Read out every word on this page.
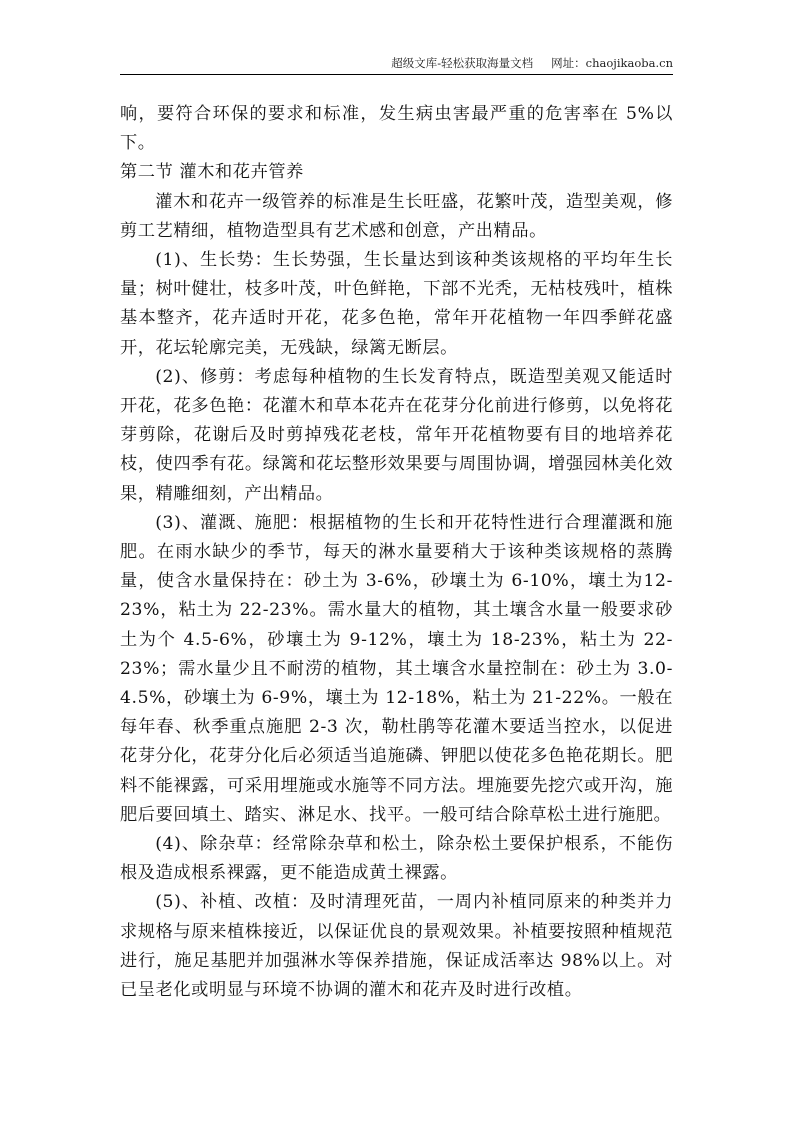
超级文库-轻松获取海量文档 网址：chaojikaoba.cn

响，要符合环保的要求和标准，发生病虫害最严重的危害率在 5%以下。

第二节 灌木和花卉管养

灌木和花卉一级管养的标准是生长旺盛，花繁叶茂，造型美观，修剪工艺精细，植物造型具有艺术感和创意，产出精品。

(1)、生长势：生长势强，生长量达到该种类该规格的平均年生长量；树叶健壮，枝多叶茂，叶色鲜艳，下部不光秃，无枯枝残叶，植株基本整齐，花卉适时开花，花多色艳，常年开花植物一年四季鲜花盛开，花坛轮廓完美，无残缺，绿篱无断层。

(2)、修剪：考虑每种植物的生长发育特点，既造型美观又能适时开花，花多色艳：花灌木和草本花卉在花芽分化前进行修剪，以免将花芽剪除，花谢后及时剪掉残花老枝，常年开花植物要有目的地培养花枝，使四季有花。绿篱和花坛整形效果要与周围协调，增强园林美化效果，精雕细刻，产出精品。

(3)、灌溉、施肥：根据植物的生长和开花特性进行合理灌溉和施肥。在雨水缺少的季节，每天的淋水量要稍大于该种类该规格的蒸腾量，使含水量保持在：砂土为 3-6%，砂壤土为 6-10%，壤土为12-23%，粘土为 22-23%。需水量大的植物，其土壤含水量一般要求砂土为个 4.5-6%，砂壤土为 9-12%，壤土为 18-23%，粘土为 22-23%；需水量少且不耐涝的植物，其土壤含水量控制在：砂土为 3.0-4.5%，砂壤土为 6-9%，壤土为 12-18%，粘土为 21-22%。一般在每年春、秋季重点施肥 2-3 次，勒杜鹃等花灌木要适当控水，以促进花芽分化，花芽分化后必须适当追施磷、钾肥以使花多色艳花期长。肥料不能裸露，可采用埋施或水施等不同方法。埋施要先挖穴或开沟，施肥后要回填土、踏实、淋足水、找平。一般可结合除草松土进行施肥。

(4)、除杂草：经常除杂草和松土，除杂松土要保护根系，不能伤根及造成根系裸露，更不能造成黄土裸露。

(5)、补植、改植：及时清理死苗，一周内补植同原来的种类并力求规格与原来植株接近，以保证优良的景观效果。补植要按照种植规范进行，施足基肥并加强淋水等保养措施，保证成活率达 98%以上。对已呈老化或明显与环境不协调的灌木和花卉及时进行改植。
